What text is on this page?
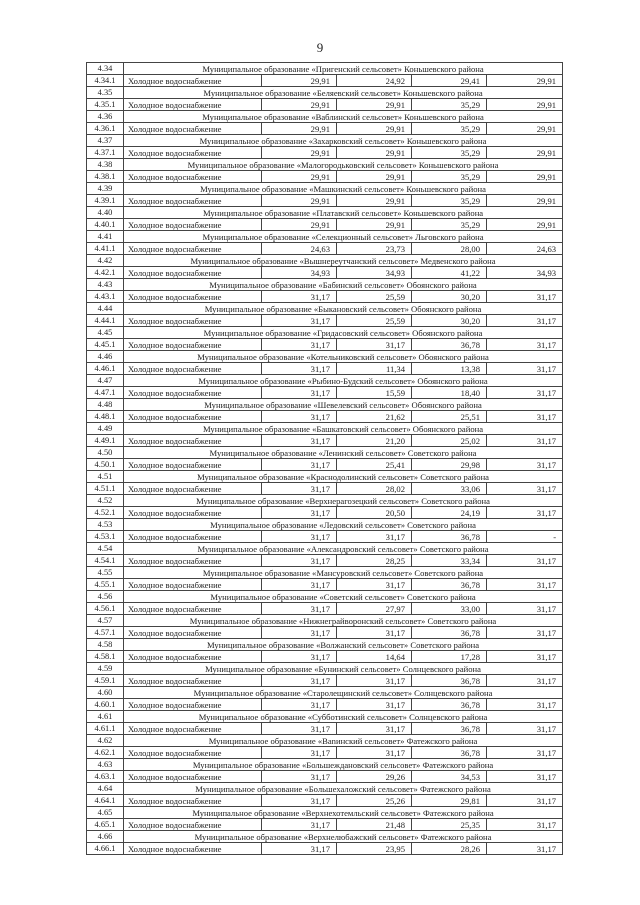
9
4.34	Муниципальное образование «Пригенский сельсовет» Коньшевского района				
4.34.1	Холодное водоснабжение	29,91	24,92	29,41	29,91
4.35	Муниципальное образование «Беляевский сельсовет» Коньшевского района				
4.35.1	Холодное водоснабжение	29,91	29,91	35,29	29,91
4.36	Муниципальное образование «Ваблинский сельсовет» Коньшевского района				
4.36.1	Холодное водоснабжение	29,91	29,91	35,29	29,91
4.37	Муниципальное образование «Захарковский сельсовет» Коньшевского района				
4.37.1	Холодное водоснабжение	29,91	29,91	35,29	29,91
4.38	Муниципальное образование «Малогородьковский сельсовет» Коньшевского района				
4.38.1	Холодное водоснабжение	29,91	29,91	35,29	29,91
4.39	Муниципальное образование «Машкинский сельсовет» Коньшевского района				
4.39.1	Холодное водоснабжение	29,91	29,91	35,29	29,91
4.40	Муниципальное образование «Платавский сельсовет» Коньшевского района				
4.40.1	Холодное водоснабжение	29,91	29,91	35,29	29,91
4.41	Муниципальное образование «Селекционный сельсовет» Льговского района				
4.41.1	Холодное водоснабжение	24,63	23,73	28,00	24,63
4.42	Муниципальное образование «Вышнереутчанский сельсовет» Медвенского района				
4.42.1	Холодное водоснабжение	34,93	34,93	41,22	34,93
4.43	Муниципальное образование «Бабинский сельсовет» Обоянского района				
4.43.1	Холодное водоснабжение	31,17	25,59	30,20	31,17
4.44	Муниципальное образование «Быкановский сельсовет» Обоянского района				
4.44.1	Холодное водоснабжение	31,17	25,59	30,20	31,17
4.45	Муниципальное образование «Гридасовский сельсовет» Обоянского района				
4.45.1	Холодное водоснабжение	31,17	31,17	36,78	31,17
4.46	Муниципальное образование «Котельниковский сельсовет» Обоянского района				
4.46.1	Холодное водоснабжение	31,17	11,34	13,38	31,17
4.47	Муниципальное образование «Рыбино-Будский сельсовет» Обоянского района				
4.47.1	Холодное водоснабжение	31,17	15,59	18,40	31,17
4.48	Муниципальное образование «Шевелевский сельсовет» Обоянского района				
4.48.1	Холодное водоснабжение	31,17	21,62	25,51	31,17
4.49	Муниципальное образование «Башкатовский сельсовет» Обоянского района				
4.49.1	Холодное водоснабжение	31,17	21,20	25,02	31,17
4.50	Муниципальное образование «Ленинский сельсовет» Советского района				
4.50.1	Холодное водоснабжение	31,17	25,41	29,98	31,17
4.51	Муниципальное образование «Краснодолинский сельсовет» Советского района				
4.51.1	Холодное водоснабжение	31,17	28,02	33,06	31,17
4.52	Муниципальное образование «Верхнерагозецкий сельсовет» Советского района				
4.52.1	Холодное водоснабжение	31,17	20,50	24,19	31,17
4.53	Муниципальное образование «Ледовский сельсовет» Советского района				
4.53.1	Холодное водоснабжение	31,17	31,17	36,78	-
4.54	Муниципальное образование «Александровский сельсовет» Советского района				
4.54.1	Холодное водоснабжение	31,17	28,25	33,34	31,17
4.55	Муниципальное образование «Мансуровский сельсовет» Советского района				
4.55.1	Холодное водоснабжение	31,17	31,17	36,78	31,17
4.56	Муниципальное образование «Советский сельсовет» Советского района				
4.56.1	Холодное водоснабжение	31,17	27,97	33,00	31,17
4.57	Муниципальное образование «Нижнеграйворонский сельсовет» Советского района				
4.57.1	Холодное водоснабжение	31,17	31,17	36,78	31,17
4.58	Муниципальное образование «Волжанский сельсовет» Советского района				
4.58.1	Холодное водоснабжение	31,17	14,64	17,28	31,17
4.59	Муниципальное образование «Бунинский сельсовет» Солнцевского района				
4.59.1	Холодное водоснабжение	31,17	31,17	36,78	31,17
4.60	Муниципальное образование «Старолещинский сельсовет» Солнцевского района				
4.60.1	Холодное водоснабжение	31,17	31,17	36,78	31,17
4.61	Муниципальное образование «Субботинский сельсовет» Солнцевского района				
4.61.1	Холодное водоснабжение	31,17	31,17	36,78	31,17
4.62	Муниципальное образование «Banинский сельсовет» Фатежского района				
4.62.1	Холодное водоснабжение	31,17	31,17	36,78	31,17
4.63	Муниципальное образование «Большеждановский сельсовет» Фатежского района				
4.63.1	Холодное водоснабжение	31,17	29,26	34,53	31,17
4.64	Муниципальное образование «Большехаложский сельсовет» Фатежского района				
4.64.1	Холодное водоснабжение	31,17	25,26	29,81	31,17
4.65	Муниципальное образование «Верхнехотемльский сельсовет» Фатежского района				
4.65.1	Холодное водоснабжение	31,17	21,48	25,35	31,17
4.66	Муниципальное образование «Верхнелюбажский сельсовет» Фатежского района				
4.66.1	Холодное водоснабжение	31,17	23,95	28,26	31,17
